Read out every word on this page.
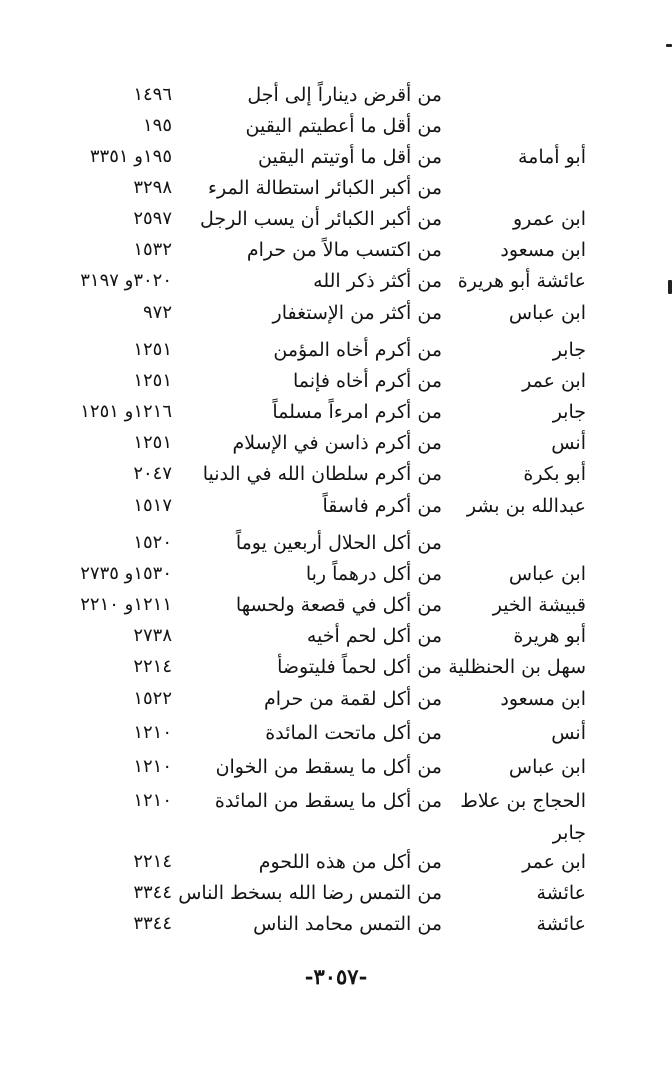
من أقرض ديناراً إلى أجل
١٤٩٦
من أقل ما أعطيتم اليقين
١٩٥
أبو أمامة
من أقل ما أوتيتم اليقين
١٩٥و ٣٣٥١
من أكبر الكبائر استطالة المرء
٣٢٩٨
ابن عمرو
من أكبر الكبائر أن يسب الرجل
٢٥٩٧
ابن مسعود
من اكتسب مالاً من حرام
١٥٣٢
عائشة أبو هريرة
من أكثر ذكر الله
٣٠٢٠و ٣١٩٧
ابن عباس
من أكثر من الإستغفار
٩٧٢
جابر
من أكرم أخاه المؤمن
١٢٥١
ابن عمر
من أكرم أخاه فإنما
١٢٥١
جابر
من أكرم امرءاً مسلماً
١٢١٦و ١٢٥١
أنس
من أكرم ذاسن في الإسلام
١٢٥١
أبو بكرة
من أكرم سلطان الله في الدنيا
٢٠٤٧
عبدالله بن بشر
من أكرم فاسقاً
١٥١٧
من أكل الحلال أربعين يوماً
١٥٢٠
ابن عباس
من أكل درهماً ربا
١٥٣٠و ٢٧٣٥
قبيشة الخير
من أكل في قصعة ولحسها
١٢١١و ٢٢١٠
أبو هريرة
من أكل لحم أخيه
٢٧٣٨
سهل بن الحنظلية
من أكل لحماً فليتوضأ
٢٢١٤
ابن مسعود
من أكل لقمة من حرام
١٥٢٢
أنس
من أكل ماتحت المائدة
١٢١٠
ابن عباس
من أكل ما يسقط من الخوان
١٢١٠
الحجاج بن علاط
من أكل ما يسقط من المائدة
١٢١٠
جابر
ابن عمر
من أكل من هذه اللحوم
٢٢١٤
عائشة
من التمس رضا الله بسخط الناس
٣٣٤٤
عائشة
من التمس محامد الناس
٣٣٤٤
-٣٠٥٧-
